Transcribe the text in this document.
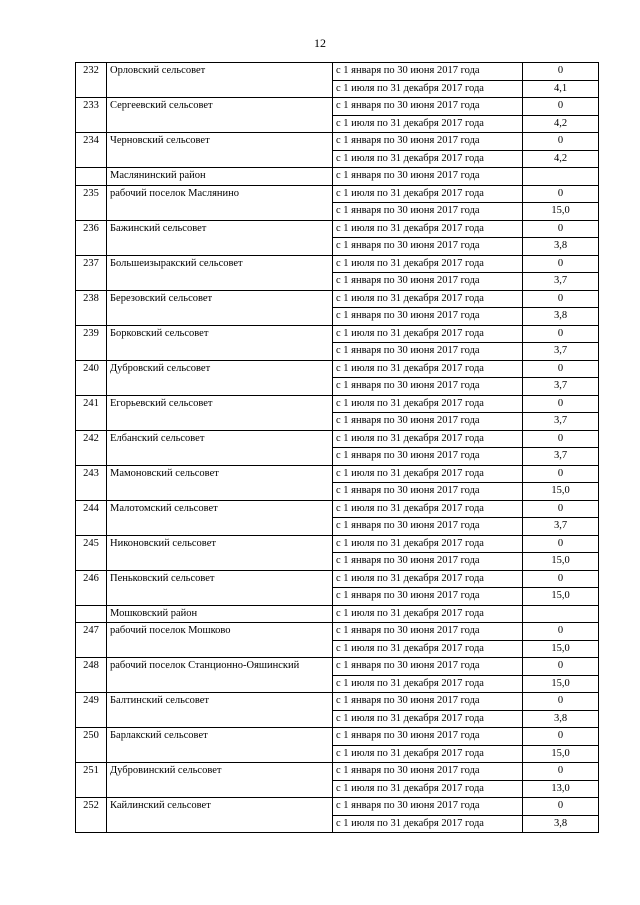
12
232	Орловский сельсовет	с 1 января по 30 июня 2017 года	0
		с 1 июля по 31 декабря 2017 года	4,1
233	Сергеевский сельсовет	с 1 января по 30 июня 2017 года	0
		с 1 июля по 31 декабря 2017 года	4,2
234	Черновский сельсовет	с 1 января по 30 июня 2017 года	0
		с 1 июля по 31 декабря 2017 года	4,2
	Маслянинский район	с 1 января по 30 июня 2017 года	
235	рабочий поселок Маслянино	с 1 июля по 31 декабря 2017 года	0
		с 1 января по 30 июня 2017 года	15,0
236	Бажинский сельсовет	с 1 июля по 31 декабря 2017 года	0
		с 1 января по 30 июня 2017 года	3,8
237	Большеизыракский сельсовет	с 1 июля по 31 декабря 2017 года	0
		с 1 января по 30 июня 2017 года	3,7
238	Березовский сельсовет	с 1 июля по 31 декабря 2017 года	0
		с 1 января по 30 июня 2017 года	3,8
239	Борковский сельсовет	с 1 июля по 31 декабря 2017 года	0
		с 1 января по 30 июня 2017 года	3,7
240	Дубровский сельсовет	с 1 июля по 31 декабря 2017 года	0
		с 1 января по 30 июня 2017 года	3,7
241	Егорьевский сельсовет	с 1 июля по 31 декабря 2017 года	0
		с 1 января по 30 июня 2017 года	3,7
242	Елбанский сельсовет	с 1 июля по 31 декабря 2017 года	0
		с 1 января по 30 июня 2017 года	3,7
243	Мамоновский сельсовет	с 1 июля по 31 декабря 2017 года	0
		с 1 января по 30 июня 2017 года	15,0
244	Малотомский сельсовет	с 1 июля по 31 декабря 2017 года	0
		с 1 января по 30 июня 2017 года	3,7
245	Никоновский сельсовет	с 1 июля по 31 декабря 2017 года	0
		с 1 января по 30 июня 2017 года	15,0
246	Пеньковский сельсовет	с 1 июля по 31 декабря 2017 года	0
		с 1 января по 30 июня 2017 года	15,0
	Мошковский район	с 1 июля по 31 декабря 2017 года	
247	рабочий поселок Мошково	с 1 января по 30 июня 2017 года	0
		с 1 июля по 31 декабря 2017 года	15,0
248	рабочий поселок Станционно-Ояшинский	с 1 января по 30 июня 2017 года	0
		с 1 июля по 31 декабря 2017 года	15,0
249	Балтинский сельсовет	с 1 января по 30 июня 2017 года	0
		с 1 июля по 31 декабря 2017 года	3,8
250	Барлакский сельсовет	с 1 января по 30 июня 2017 года	0
		с 1 июля по 31 декабря 2017 года	15,0
251	Дубровинский сельсовет	с 1 января по 30 июня 2017 года	0
		с 1 июля по 31 декабря 2017 года	13,0
252	Кайлинский сельсовет	с 1 января по 30 июня 2017 года	0
		с 1 июля по 31 декабря 2017 года	3,8
